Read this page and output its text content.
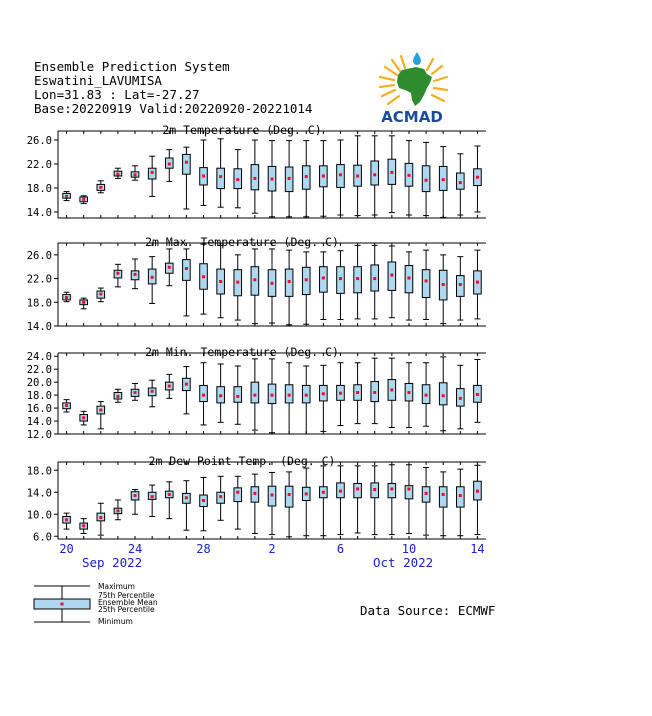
Ensemble Prediction System
Eswatini_LAVUMISA
Lon=31.83 : Lat=-27.27
Base:20220919 Valid:20220920-20221014	ACMAD
2m Temperature (Deg. C)
26.0
22.0
18.0
14.0
2m Max. Temperature (Deg. C)
26.0
22.0
18.0
14.0
2m Min. Temperature (Deg. C)
24.0
22.0
20.0
18.0
16.0
14.0
12.0
2m Dew Point Temp. (Deg. C)
18.0
14.0
10.0
6.0
20	24	28	2	6	10	14
Maximum
75th Percentile
Ensemble Mean
25th Percentile
Minimum
Sep 2022	Oct 2022
Data Source: ECMWF
